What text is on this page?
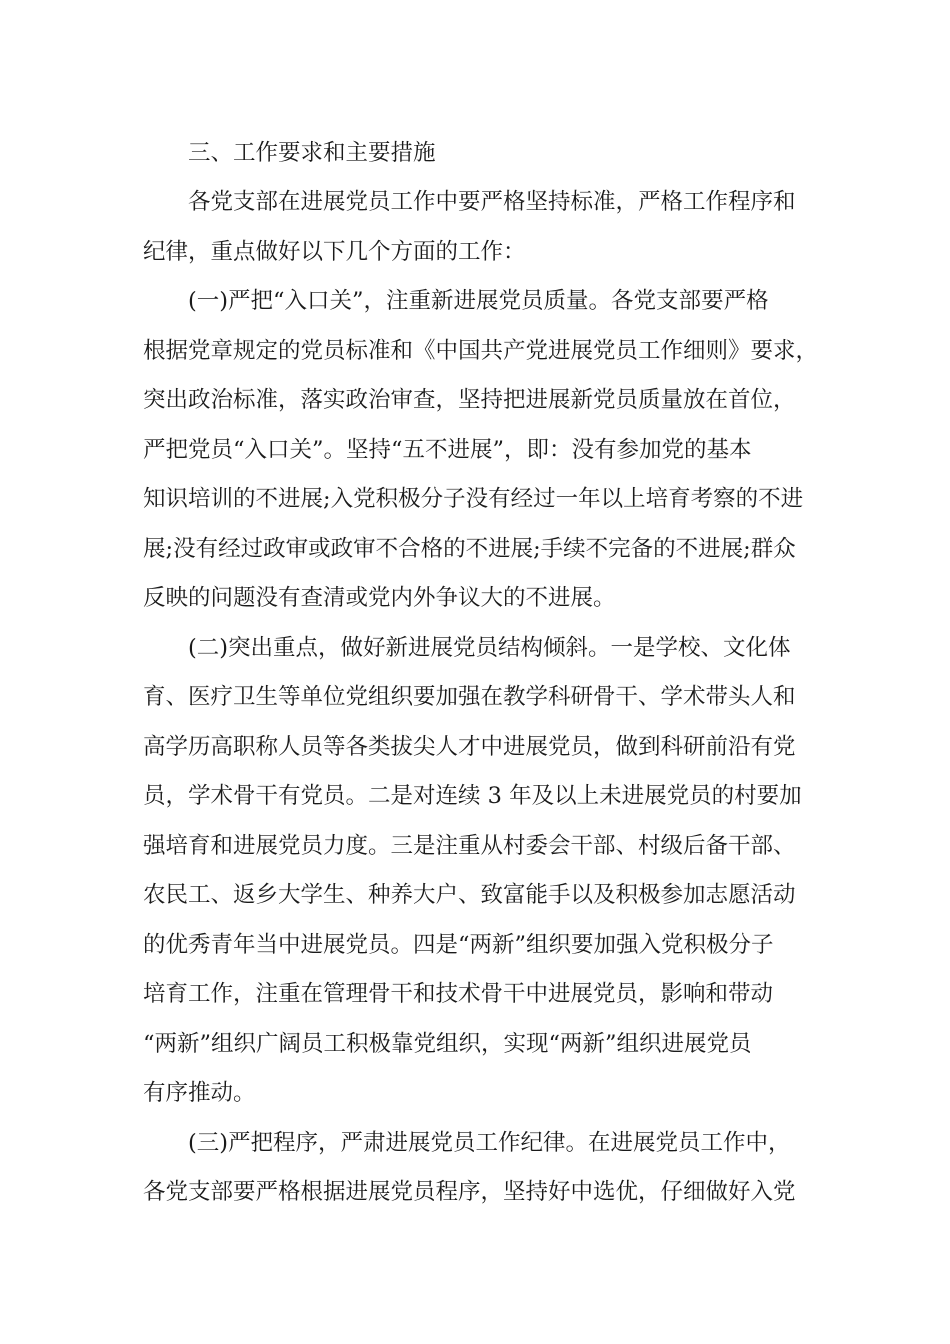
三、工作要求和主要措施

各党支部在进展党员工作中要严格坚持标准，严格工作程序和

纪律，重点做好以下几个方面的工作：

(一)严把“入口关”，注重新进展党员质量。各党支部要严格

根据党章规定的党员标准和《中国共产党进展党员工作细则》要求，

突出政治标准，落实政治审查，坚持把进展新党员质量放在首位，

严把党员“入口关”。坚持“五不进展”，即：没有参加党的基本

知识培训的不进展;入党积极分子没有经过一年以上培育考察的不进

展;没有经过政审或政审不合格的不进展;手续不完备的不进展;群众

反映的问题没有查清或党内外争议大的不进展。

(二)突出重点，做好新进展党员结构倾斜。一是学校、文化体

育、医疗卫生等单位党组织要加强在教学科研骨干、学术带头人和

高学历高职称人员等各类拔尖人才中进展党员，做到科研前沿有党

员，学术骨干有党员。二是对连续 3 年及以上未进展党员的村要加

强培育和进展党员力度。三是注重从村委会干部、村级后备干部、

农民工、返乡大学生、种养大户、致富能手以及积极参加志愿活动

的优秀青年当中进展党员。四是“两新”组织要加强入党积极分子

培育工作，注重在管理骨干和技术骨干中进展党员，影响和带动

“两新”组织广阔员工积极靠党组织，实现“两新”组织进展党员

有序推动。

(三)严把程序，严肃进展党员工作纪律。在进展党员工作中，

各党支部要严格根据进展党员程序，坚持好中选优，仔细做好入党
